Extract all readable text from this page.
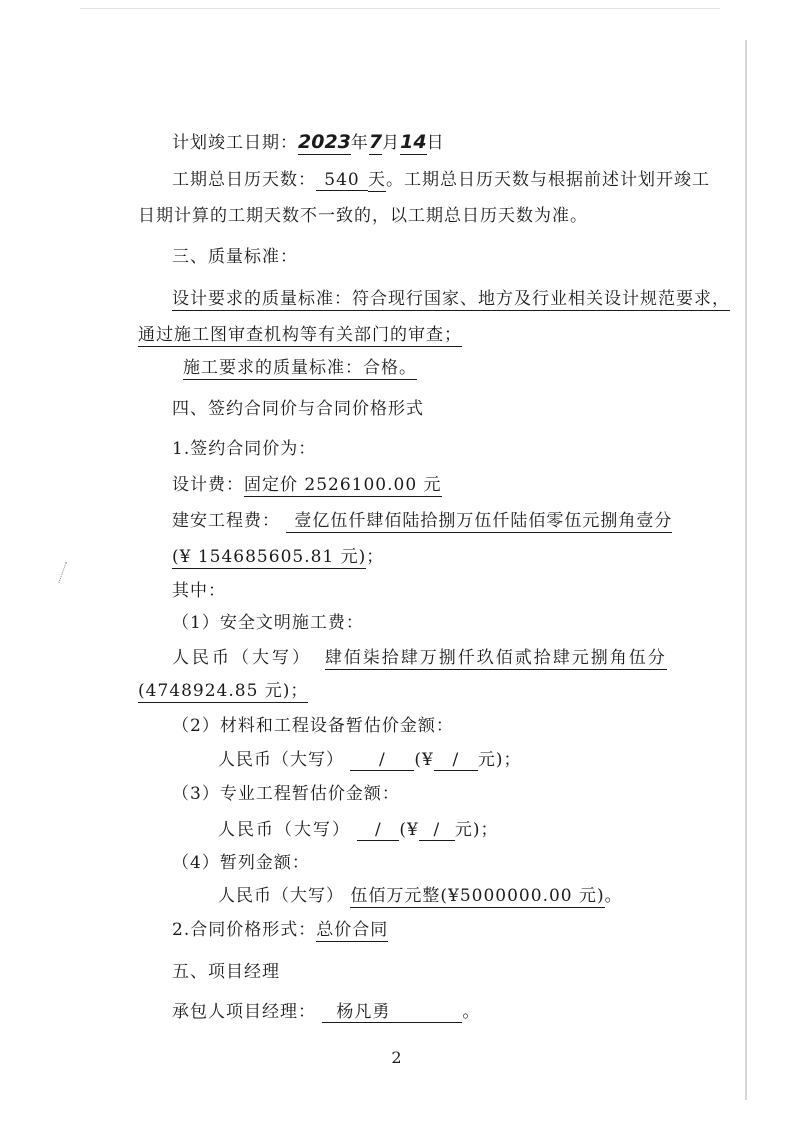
计划竣工日期：2023年7月14日
工期总日历天数： 540 天。工期总日历天数与根据前述计划开竣工
日期计算的工期天数不一致的，以工期总日历天数为准。
三、质量标准：
设计要求的质量标准：符合现行国家、地方及行业相关设计规范要求，
通过施工图审查机构等有关部门的审查；
施工要求的质量标准：合格。
四、签约合同价与合同价格形式
1.签约合同价为：
设计费：固定价 2526100.00 元
建安工程费： 壹亿伍仟肆佰陆拾捌万伍仟陆佰零伍元捌角壹分
(¥ 154685605.81 元)；
其中：
（1）安全文明施工费：
人民币（大写） 肆佰柒拾肆万捌仟玖佰贰拾肆元捌角伍分
(4748924.85 元)；
（2）材料和工程设备暂估价金额：
人民币（大写） / (¥ / 元)；
（3）专业工程暂估价金额：
人民币（大写） / (¥ / 元)；
（4）暂列金额：
人民币（大写） 伍佰万元整(¥5000000.00 元)。
2.合同价格形式：总价合同
五、项目经理
承包人项目经理： 杨凡勇	。
2
